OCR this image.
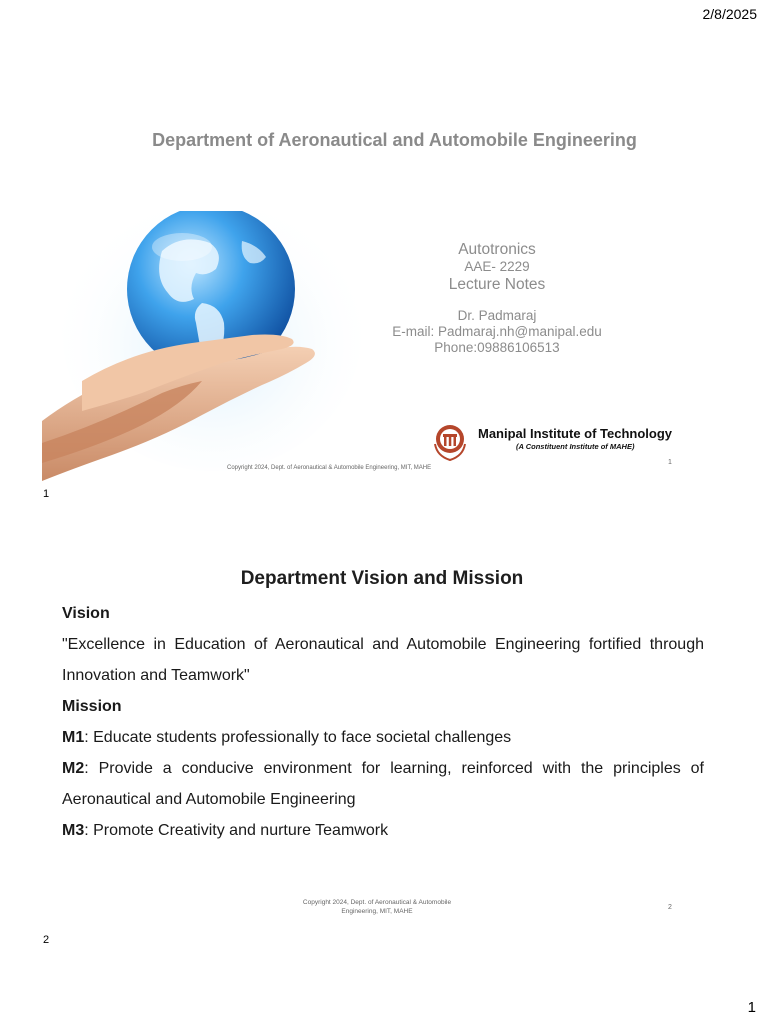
2/8/2025
Department of Aeronautical and Automobile Engineering
Autotronics
AAE- 2229
Lecture Notes
Dr. Padmaraj
E-mail: Padmaraj.nh@manipal.edu
Phone:09886106513
Manipal Institute of Technology
(A Constituent Institute of MAHE)
Copyright 2024, Dept. of Aeronautical & Automobile Engineering, MIT, MAHE
1
1
Department Vision and Mission
Vision
"Excellence in Education of Aeronautical and Automobile Engineering fortified through Innovation and Teamwork"
Mission
M1: Educate students professionally to face societal challenges
M2: Provide a conducive environment for learning, reinforced with the principles of Aeronautical and Automobile Engineering
M3: Promote Creativity and nurture Teamwork
Copyright 2024, Dept. of Aeronautical & Automobile
Engineering, MIT, MAHE
2
2
1
